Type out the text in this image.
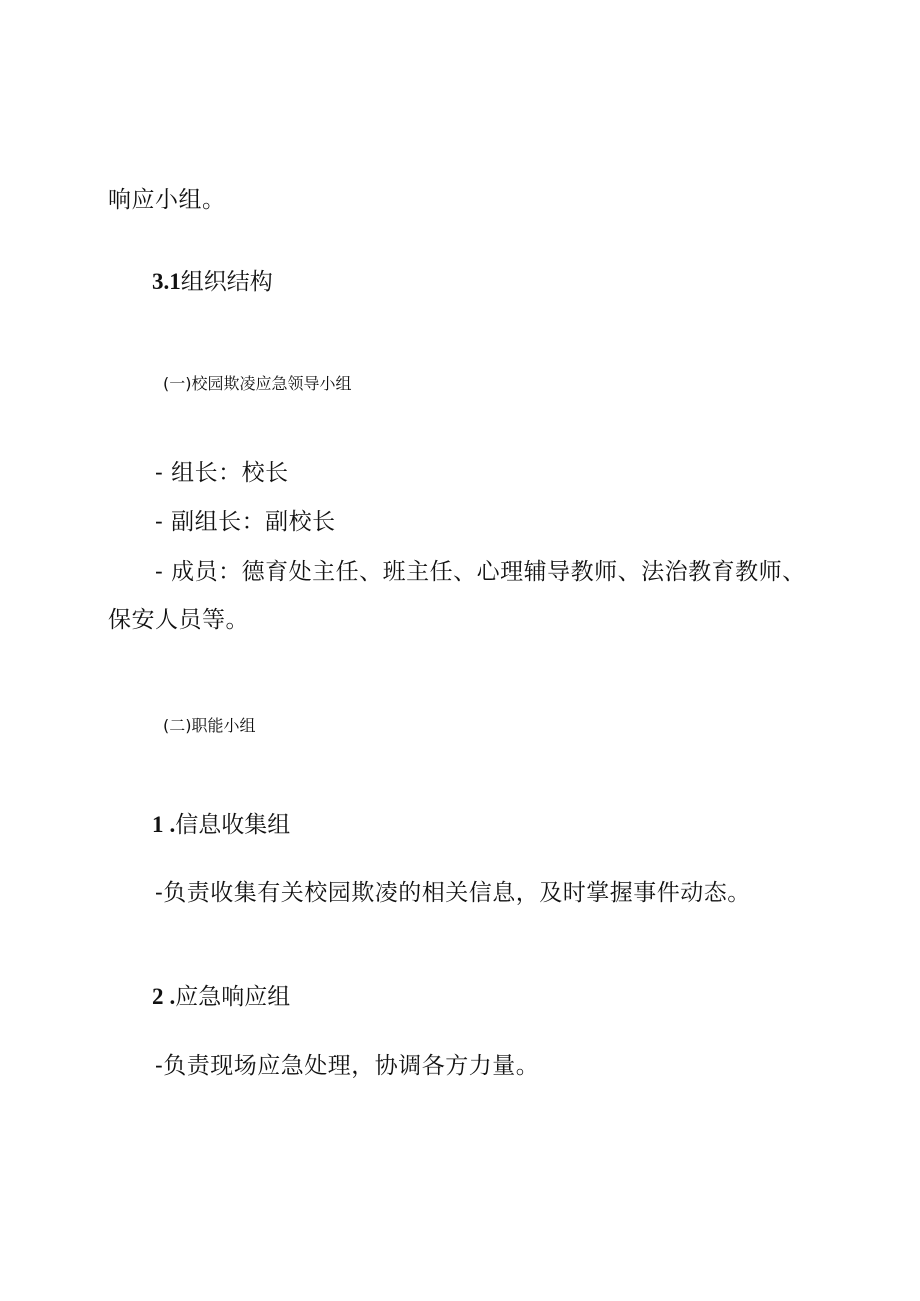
响应小组。
3.1组织结构
(一)校园欺凌应急领导小组
- 组长：校长
- 副组长：副校长
- 成员：德育处主任、班主任、心理辅导教师、法治教育教师、
保安人员等。
(二)职能小组
1 .信息收集组
-负责收集有关校园欺凌的相关信息，及时掌握事件动态。
2 .应急响应组
-负责现场应急处理，协调各方力量。
